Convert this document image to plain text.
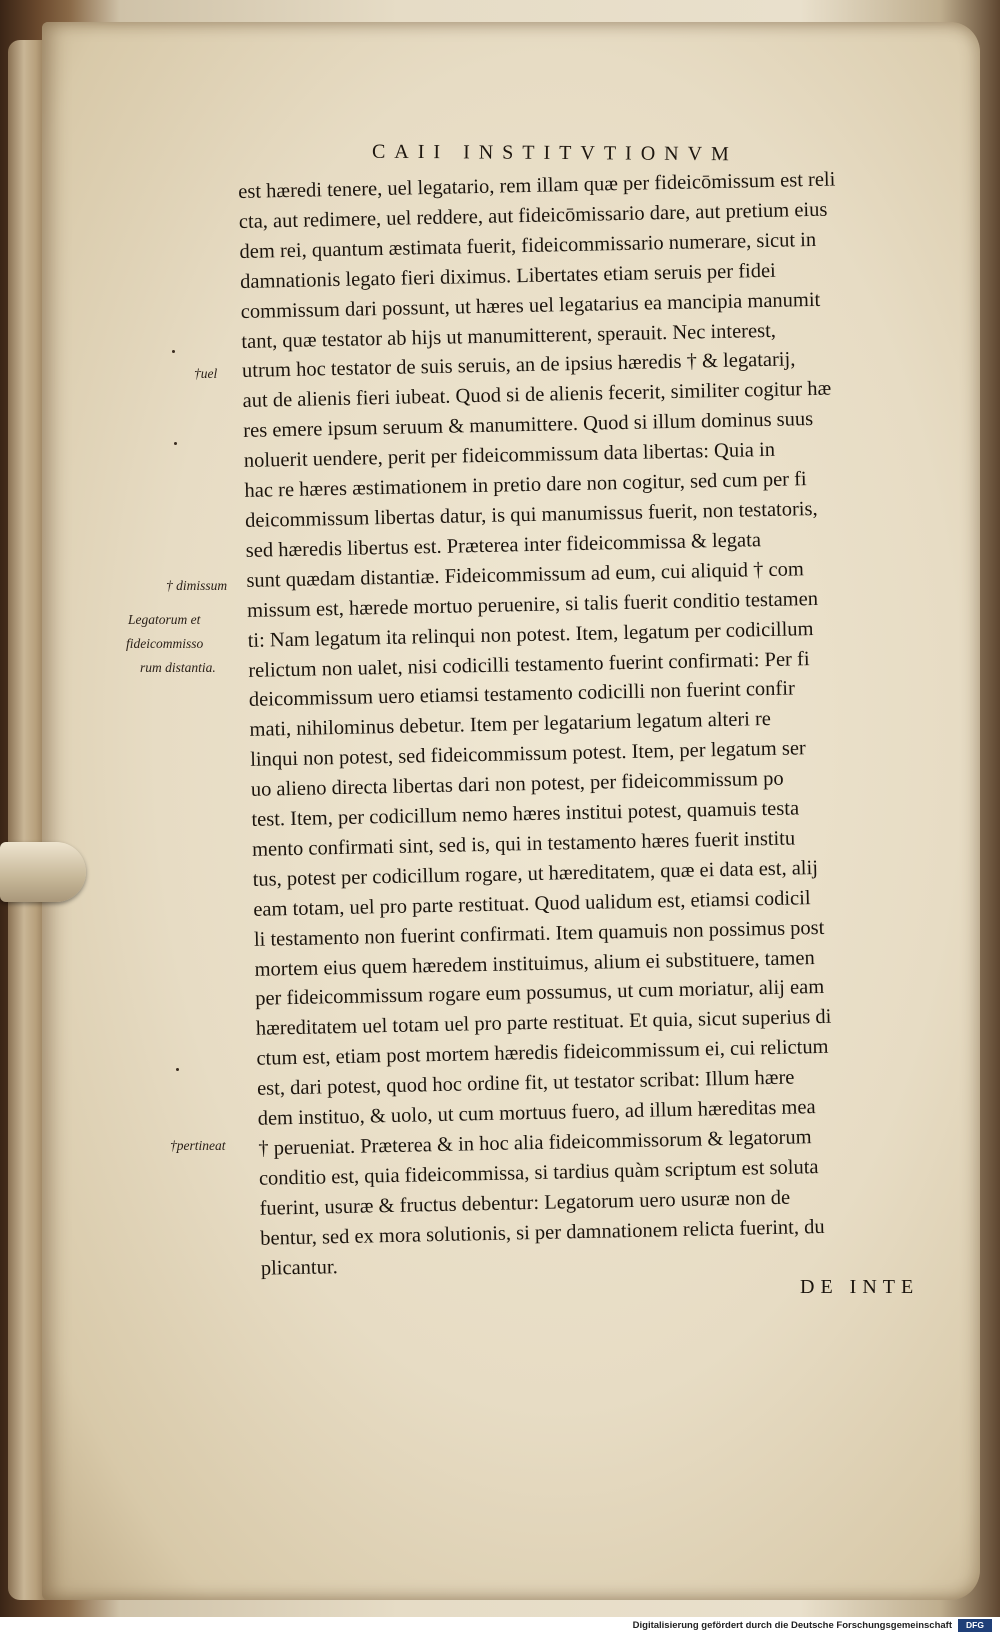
CAII INSTITVTIONVM
est hæredi tenere, uel legatario, rem illam quæ per fideicōmissum est reli
cta, aut redimere, uel reddere, aut fideicōmissario dare, aut pretium eius
dem rei, quantum æstimata fuerit, fideicommissario numerare, sicut in
damnationis legato fieri diximus. Libertates etiam seruis per fidei
commissum dari possunt, ut hæres uel legatarius ea mancipia manumit
tant, quæ testator ab hijs ut manumitterent, sperauit. Nec interest,
utrum hoc testator de suis seruis, an de ipsius hæredis † & legatarij,
aut de alienis fieri iubeat. Quod si de alienis fecerit, similiter cogitur hæ
res emere ipsum seruum & manumittere. Quod si illum dominus suus
noluerit uendere, perit per fideicommissum data libertas: Quia in
hac re hæres æstimationem in pretio dare non cogitur, sed cum per fi
deicommissum libertas datur, is qui manumissus fuerit, non testatoris,
sed hæredis libertus est. Præterea inter fideicommissa & legata
sunt quædam distantiæ. Fideicommissum ad eum, cui aliquid † com
missum est, hærede mortuo peruenire, si talis fuerit conditio testamen
ti: Nam legatum ita relinqui non potest. Item, legatum per codicillum
relictum non ualet, nisi codicilli testamento fuerint confirmati: Per fi
deicommissum uero etiamsi testamento codicilli non fuerint confir
mati, nihilominus debetur. Item per legatarium legatum alteri re
linqui non potest, sed fideicommissum potest. Item, per legatum ser
uo alieno directa libertas dari non potest, per fideicommissum po
test. Item, per codicillum nemo hæres institui potest, quamuis testa
mento confirmati sint, sed is, qui in testamento hæres fuerit institu
tus, potest per codicillum rogare, ut hæreditatem, quæ ei data est, alij
eam totam, uel pro parte restituat. Quod ualidum est, etiamsi codicil
li testamento non fuerint confirmati. Item quamuis non possimus post
mortem eius quem hæredem instituimus, alium ei substituere, tamen
per fideicommissum rogare eum possumus, ut cum moriatur, alij eam
hæreditatem uel totam uel pro parte restituat. Et quia, sicut superius di
ctum est, etiam post mortem hæredis fideicommissum ei, cui relictum
est, dari potest, quod hoc ordine fit, ut testator scribat: Illum hære
dem instituo, & uolo, ut cum mortuus fuero, ad illum hæreditas mea
† perueniat. Præterea & in hoc alia fideicommissorum & legatorum
conditio est, quia fideicommissa, si tardius quàm scriptum est soluta
fuerint, usuræ & fructus debentur: Legatorum uero usuræ non de
bentur, sed ex mora solutionis, si per damnationem relicta fuerint, du
plicantur.
†uel
† dimissum
Legatorum et
fideicommisso
rum distantia.
†pertineat
DE INTE
Digitalisierung gefördert durch die Deutsche Forschungsgemeinschaft	DFG
